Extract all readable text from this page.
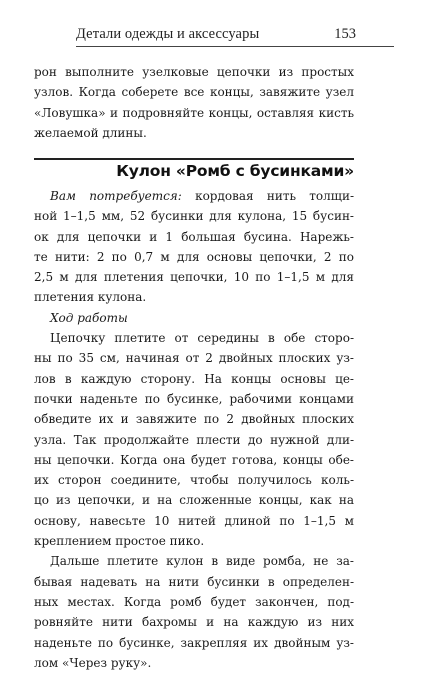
Детали одежды и аксессуары	153
рон выполните узелковые цепочки из простых
узлов. Когда соберете все концы, завяжите узел
«Ловушка» и подровняйте концы, оставляя кисть
желаемой длины.
Кулон «Ромб с бусинками»
Вам потребуется: кордовая нить толщи-
ной 1–1,5 мм, 52 бусинки для кулона, 15 бусин-
ок для цепочки и 1 большая бусина. Нарежь-
те нити: 2 по 0,7 м для основы цепочки, 2 по
2,5 м для плетения цепочки, 10 по 1–1,5 м для
плетения кулона.
Ход работы
Цепочку плетите от середины в обе сторо-
ны по 35 см, начиная от 2 двойных плоских уз-
лов в каждую сторону. На концы основы це-
почки наденьте по бусинке, рабочими концами
обведите их и завяжите по 2 двойных плоских
узла. Так продолжайте плести до нужной дли-
ны цепочки. Когда она будет готова, концы обе-
их сторон соедините, чтобы получилось коль-
цо из цепочки, и на сложенные концы, как на
основу, навесьте 10 нитей длиной по 1–1,5 м
креплением простое пико.
Дальше плетите кулон в виде ромба, не за-
бывая надевать на нити бусинки в определен-
ных местах. Когда ромб будет закончен, под-
ровняйте нити бахромы и на каждую из них
наденьте по бусинке, закрепляя их двойным уз-
лом «Через руку».
